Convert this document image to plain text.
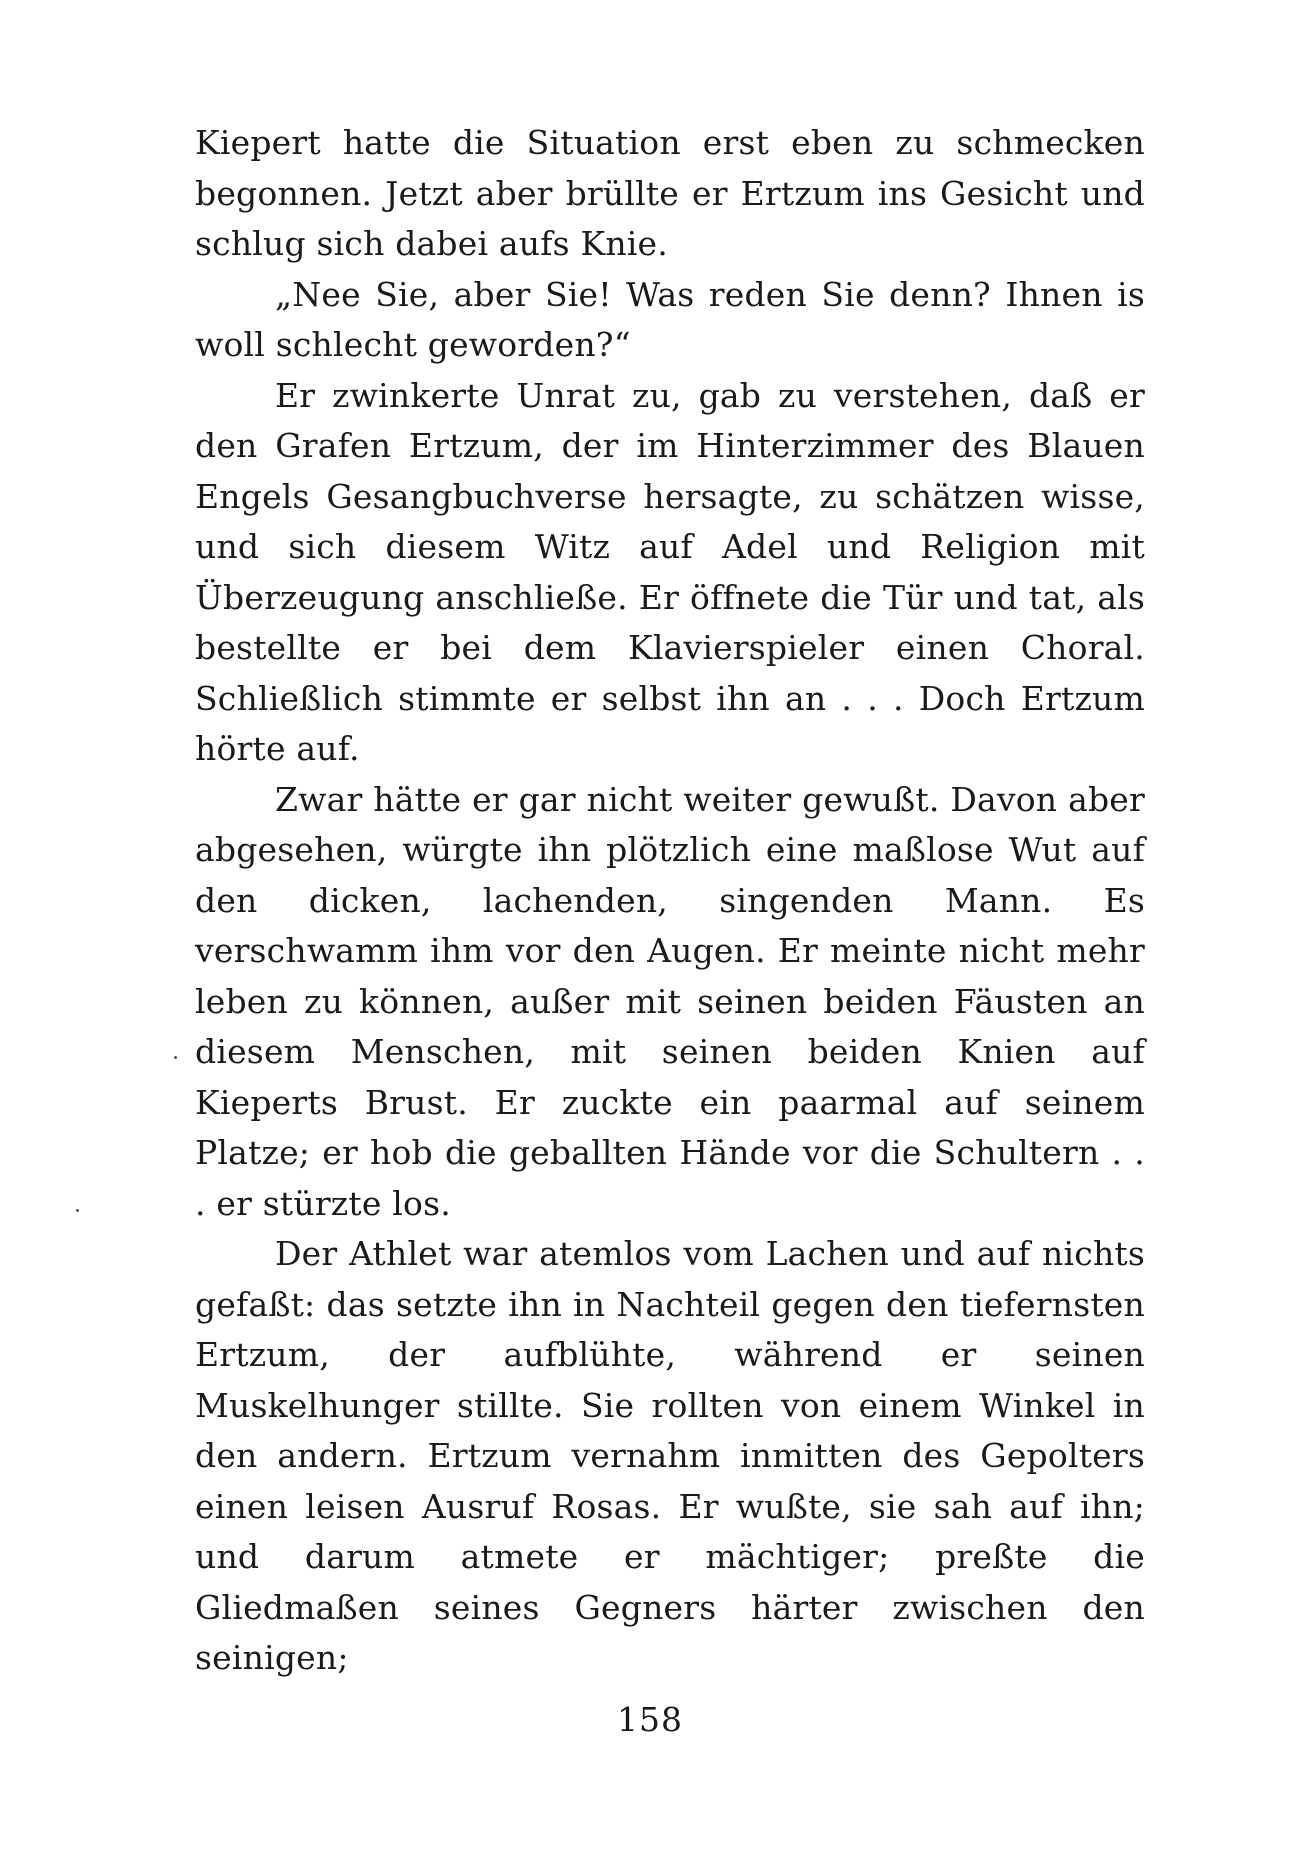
Kiepert hatte die Situation erst eben zu schmecken begonnen. Jetzt aber brüllte er Ertzum ins Gesicht und schlug sich dabei aufs Knie.

„Nee Sie, aber Sie! Was reden Sie denn? Ihnen is woll schlecht geworden?“

Er zwinkerte Unrat zu, gab zu verstehen, daß er den Grafen Ertzum, der im Hinterzimmer des Blauen Engels Gesangbuchverse hersagte, zu schätzen wisse, und sich diesem Witz auf Adel und Religion mit Überzeugung anschließe. Er öffnete die Tür und tat, als bestellte er bei dem Klavierspieler einen Choral. Schließlich stimmte er selbst ihn an . . . Doch Ertzum hörte auf.

Zwar hätte er gar nicht weiter gewußt. Davon aber abgesehen, würgte ihn plötzlich eine maßlose Wut auf den dicken, lachenden, singenden Mann. Es verschwamm ihm vor den Augen. Er meinte nicht mehr leben zu können, außer mit seinen beiden Fäusten an diesem Menschen, mit seinen beiden Knien auf Kieperts Brust. Er zuckte ein paarmal auf seinem Platze; er hob die geballten Hände vor die Schultern . . . er stürzte los.

Der Athlet war atemlos vom Lachen und auf nichts gefaßt: das setzte ihn in Nachteil gegen den tiefernsten Ertzum, der aufblühte, während er seinen Muskelhunger stillte. Sie rollten von einem Winkel in den andern. Ertzum vernahm inmitten des Gepolters einen leisen Ausruf Rosas. Er wußte, sie sah auf ihn; und darum atmete er mächtiger; preßte die Gliedmaßen seines Gegners härter zwischen den seinigen;

158
